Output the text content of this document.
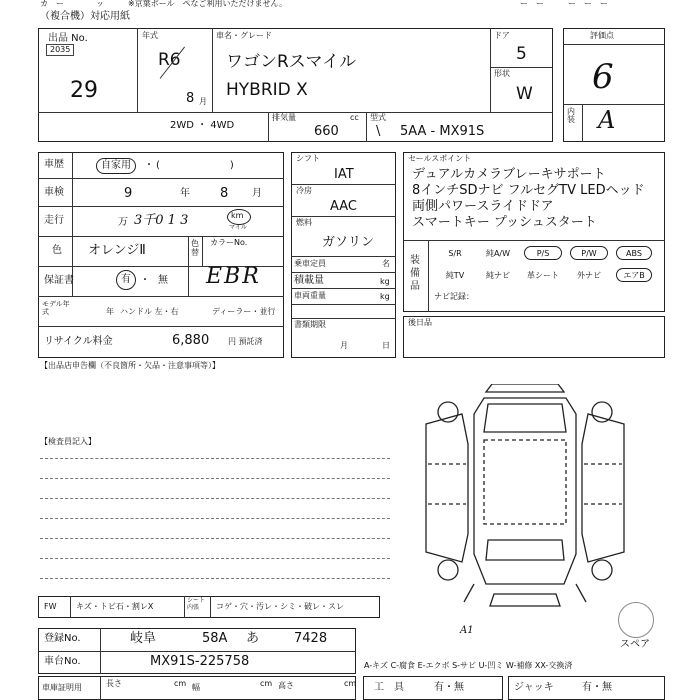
カ　ー　　　　ッ　　　※京葉ボール　ペなご利用いただけません。	ー　ー　　　ー　ー　ー
（複合機）対応用紙
出品 No.
2035
29
年式
R6
8 月
車名・グレード
ワゴンRスマイル
HYBRID X
ドア
5
形状
W
2WD ・ 4WD
排気量	cc
660
型式
\ 5AA - MX91S
評価点
6
内装 A
車歴	自家用	・ (　　　　　　　)
車検	9	年 8 月
走行	万 3千0 1 3	km
マイル
色 オレンジⅡ	色替
カラーNo.
EBR
保証書	有 ・ 無
モデル年式	年 ハンドル 左・右	ディーラー・並行
リサイクル料金	6,880 円 預託済
シフト
IAT
冷房
AAC
燃料
ガソリン
乗車定員	名
積載量	kg
車両重量	kg
書類期限
月	日
セールスポイント
デュアルカメラブレーキサポート
8インチSDナビ フルセグTV LEDヘッド
両側パワースライドドア
スマートキー プッシュスタート
装備品
S/R	純A/W	P/S	P/W	ABS
純TV	純ナビ	革シート	外ナビ	エアB
ナビ記録：
後日品
【出品店申告欄（不良箇所・欠品・注意事項等）】
【検査員記入】
FW キズ・トビ石・割レX
シート内張	コゲ・穴・汚レ・シミ・破レ・スレ
A1
スペア
登録No.	岐阜	58A あ	7428
車台No.	MX91S-225758
車庫証明用	長さ	cm 幅	cm 高さ	cm
A-キズ C-腐食 E-エクボ S-サビ U-凹ミ W-補修 XX-交換済
工　具	有・無	ジャッキ	有・無
